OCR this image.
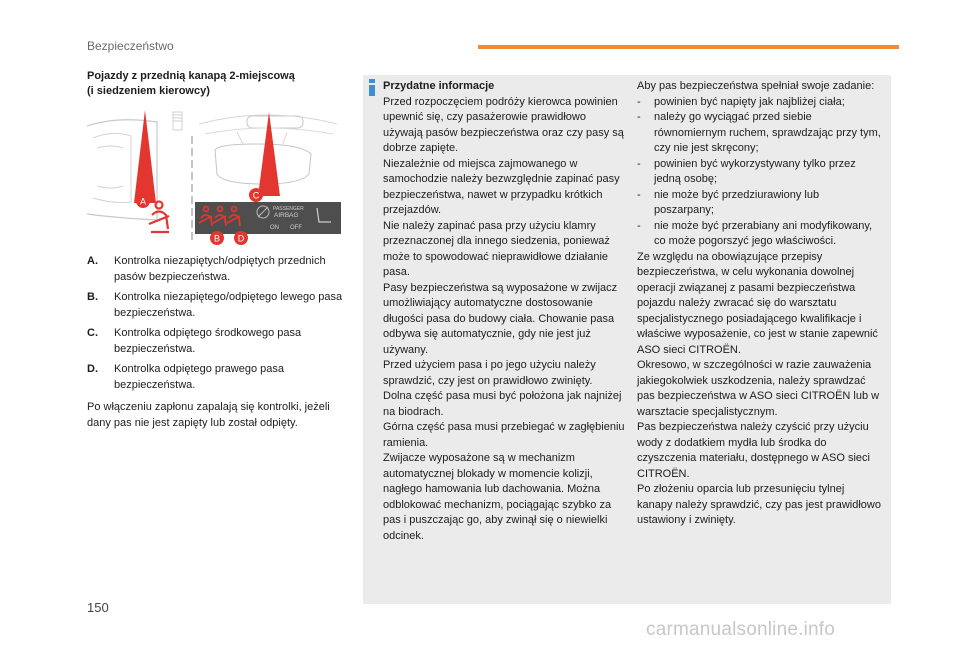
Bezpieczeństwo
Pojazdy z przednią kanapą 2-miejscową
(i siedzeniem kierowcy)
PASSENGER
AIRBAG
ON OFF
A
C
B D
A.	Kontrolka niezapiętych/odpiętych przednich pasów bezpieczeństwa.
B.	Kontrolka niezapiętego/odpiętego lewego pasa bezpieczeństwa.
C.	Kontrolka odpiętego środkowego pasa bezpieczeństwa.
D.	Kontrolka odpiętego prawego pasa bezpieczeństwa.

Po włączeniu zapłonu zapalają się kontrolki, jeżeli dany pas nie jest zapięty lub został odpięty.

Przydatne informacje

Przed rozpoczęciem podróży kierowca powinien upewnić się, czy pasażerowie prawidłowo używają pasów bezpieczeństwa oraz czy pasy są dobrze zapięte.

Niezależnie od miejsca zajmowanego w samochodzie należy bezwzględnie zapinać pasy bezpieczeństwa, nawet w przypadku krótkich przejazdów.

Nie należy zapinać pasa przy użyciu klamry przeznaczonej dla innego siedzenia, ponieważ może to spowodować nieprawidłowe działanie pasa.

Pasy bezpieczeństwa są wyposażone w zwijacz umożliwiający automatyczne dostosowanie długości pasa do budowy ciała. Chowanie pasa odbywa się automatycznie, gdy nie jest już używany.

Przed użyciem pasa i po jego użyciu należy sprawdzić, czy jest on prawidłowo zwinięty.

Dolna część pasa musi być położona jak najniżej na biodrach.

Górna część pasa musi przebiegać w zagłębieniu ramienia.

Zwijacze wyposażone są w mechanizm automatycznej blokady w momencie kolizji, nagłego hamowania lub dachowania. Można odblokować mechanizm, pociągając szybko za pas i puszczając go, aby zwinął się o niewielki odcinek.

Aby pas bezpieczeństwa spełniał swoje zadanie:

-	powinien być napięty jak najbliżej ciała;
-	należy go wyciągać przed siebie równomiernym ruchem, sprawdzając przy tym, czy nie jest skręcony;
-	powinien być wykorzystywany tylko przez jedną osobę;
-	nie może być przedziurawiony lub poszarpany;
-	nie może być przerabiany ani modyfikowany, co może pogorszyć jego właściwości.

Ze względu na obowiązujące przepisy bezpieczeństwa, w celu wykonania dowolnej operacji związanej z pasami bezpieczeństwa pojazdu należy zwracać się do warsztatu specjalistycznego posiadającego kwalifikacje i właściwe wyposażenie, co jest w stanie zapewnić ASO sieci CITROËN.

Okresowo, w szczególności w razie zauważenia jakiegokolwiek uszkodzenia, należy sprawdzać pas bezpieczeństwa w ASO sieci CITROËN lub w warsztacie specjalistycznym.

Pas bezpieczeństwa należy czyścić przy użyciu wody z dodatkiem mydła lub środka do czyszczenia materiału, dostępnego w ASO sieci CITROËN.

Po złożeniu oparcia lub przesunięciu tylnej kanapy należy sprawdzić, czy pas jest prawidłowo ustawiony i zwinięty.

150
carmanualsonline.info
